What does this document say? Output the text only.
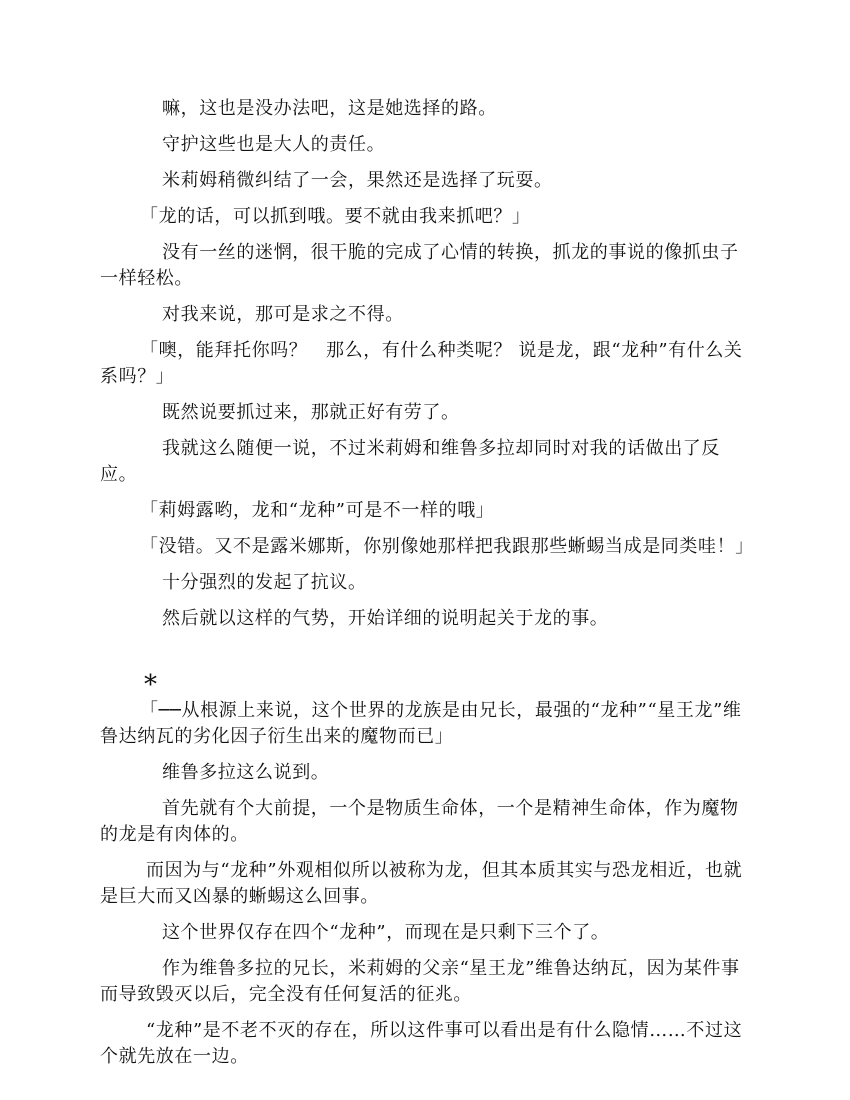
嘛，这也是没办法吧，这是她选择的路。

守护这些也是大人的责任。

米莉姆稍微纠结了一会，果然还是选择了玩耍。

「龙的话，可以抓到哦。要不就由我来抓吧？」

没有一丝的迷惘，很干脆的完成了心情的转换，抓龙的事说的像抓虫子一样轻松。

对我来说，那可是求之不得。

「噢，能拜托你吗？　那么，有什么种类呢？ 说是龙，跟“龙种”有什么关系吗？」

既然说要抓过来，那就正好有劳了。

我就这么随便一说，不过米莉姆和维鲁多拉却同时对我的话做出了反应。

「莉姆露哟，龙和“龙种”可是不一样的哦」

「没错。又不是露米娜斯，你别像她那样把我跟那些蜥蜴当成是同类哇！」

十分强烈的发起了抗议。

然后就以这样的气势，开始详细的说明起关于龙的事。

*

「──从根源上来说，这个世界的龙族是由兄长，最强的“龙种”“星王龙”维鲁达纳瓦的劣化因子衍生出来的魔物而已」

维鲁多拉这么说到。

首先就有个大前提，一个是物质生命体，一个是精神生命体，作为魔物的龙是有肉体的。

而因为与“龙种”外观相似所以被称为龙，但其本质其实与恐龙相近，也就是巨大而又凶暴的蜥蜴这么回事。

这个世界仅存在四个“龙种”，而现在是只剩下三个了。

作为维鲁多拉的兄长，米莉姆的父亲“星王龙”维鲁达纳瓦，因为某件事而导致毁灭以后，完全没有任何复活的征兆。

“龙种”是不老不灭的存在，所以这件事可以看出是有什么隐情……不过这个就先放在一边。
